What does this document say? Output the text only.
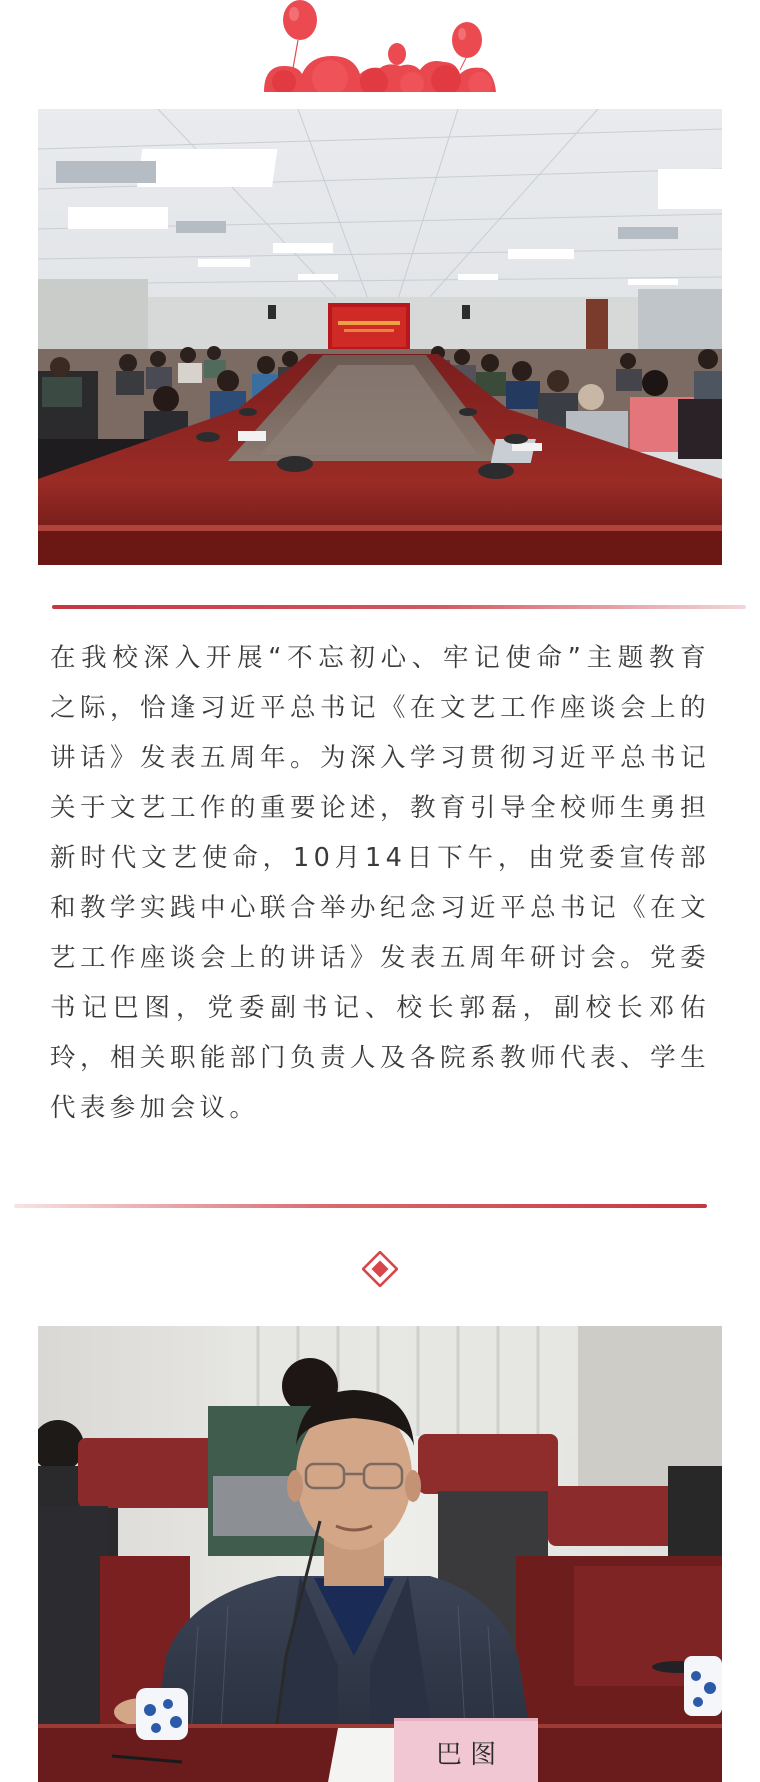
在我校深入开展“不忘初心、牢记使命”主题教育之际，恰逢习近平总书记《在文艺工作座谈会上的讲话》发表五周年。为深入学习贯彻习近平总书记关于文艺工作的重要论述，教育引导全校师生勇担新时代文艺使命，10月14日下午，由党委宣传部和教学实践中心联合举办纪念习近平总书记《在文艺工作座谈会上的讲话》发表五周年研讨会。党委书记巴图，党委副书记、校长郭磊，副校长邓佑玲，相关职能部门负责人及各院系教师代表、学生代表参加会议。

巴 图
